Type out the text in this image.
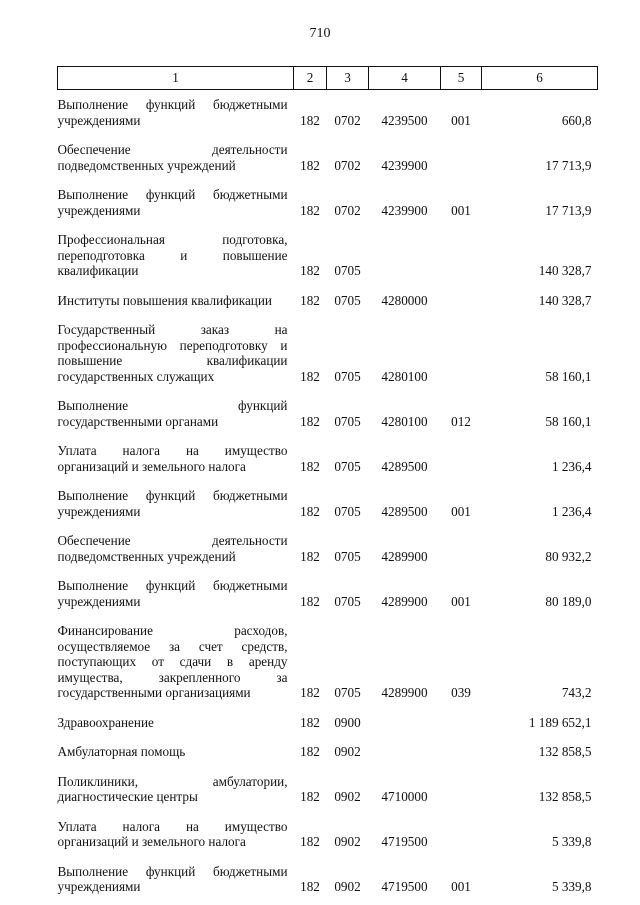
710
1	2	3	4	5	6
Выполнение функций бюджетными учреждениями	182	0702	4239500	001	660,8
Обеспечение деятельности подведомственных учреждений	182	0702	4239900		17 713,9
Выполнение функций бюджетными учреждениями	182	0702	4239900	001	17 713,9
Профессиональная подготовка, переподготовка и повышение квалификации	182	0705			140 328,7
Институты повышения квалификации	182	0705	4280000		140 328,7
Государственный заказ на профессиональную переподготовку и повышение квалификации государственных служащих	182	0705	4280100		58 160,1
Выполнение функций государственными органами	182	0705	4280100	012	58 160,1
Уплата налога на имущество организаций и земельного налога	182	0705	4289500		1 236,4
Выполнение функций бюджетными учреждениями	182	0705	4289500	001	1 236,4
Обеспечение деятельности подведомственных учреждений	182	0705	4289900		80 932,2
Выполнение функций бюджетными учреждениями	182	0705	4289900	001	80 189,0
Финансирование расходов, осуществляемое за счет средств, поступающих от сдачи в аренду имущества, закрепленного за государственными организациями	182	0705	4289900	039	743,2
Здравоохранение	182	0900			1 189 652,1
Амбулаторная помощь	182	0902			132 858,5
Поликлиники, амбулатории, диагностические центры	182	0902	4710000		132 858,5
Уплата налога на имущество организаций и земельного налога	182	0902	4719500		5 339,8
Выполнение функций бюджетными учреждениями	182	0902	4719500	001	5 339,8
